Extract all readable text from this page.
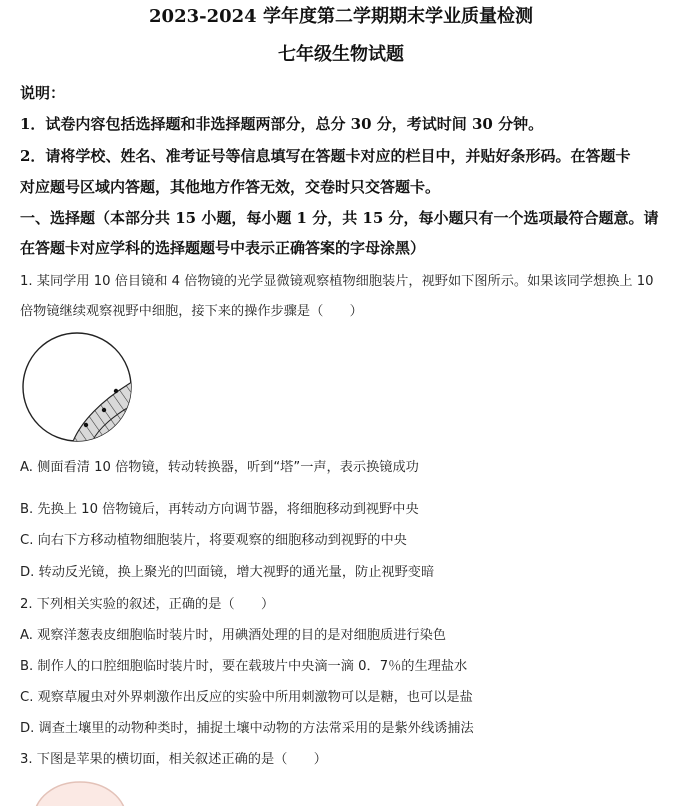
2023-2024 学年度第二学期期末学业质量检测
七年级生物试题
说明：
1．试卷内容包括选择题和非选择题两部分，总分 30 分，考试时间 30 分钟。
2．请将学校、姓名、准考证号等信息填写在答题卡对应的栏目中，并贴好条形码。在答题卡
对应题号区域内答题，其他地方作答无效，交卷时只交答题卡。
一、选择题（本部分共 15 小题，每小题 1 分，共 15 分，每小题只有一个选项最符合题意。请
在答题卡对应学科的选择题题号中表示正确答案的字母涂黑）
1. 某同学用 10 倍目镜和 4 倍物镜的光学显微镜观察植物细胞装片，视野如下图所示。如果该同学想换上 10
倍物镜继续观察视野中细胞，接下来的操作步骤是（　　）
A. 侧面看清 10 倍物镜，转动转换器，听到“塔”一声，表示换镜成功
B. 先换上 10 倍物镜后，再转动方向调节器，将细胞移动到视野中央
C. 向右下方移动植物细胞装片，将要观察的细胞移动到视野的中央
D. 转动反光镜，换上聚光的凹面镜，增大视野的通光量，防止视野变暗
2. 下列相关实验的叙述，正确的是（　　）
A. 观察洋葱表皮细胞临时装片时，用碘酒处理的目的是对细胞质进行染色
B. 制作人的口腔细胞临时装片时，要在载玻片中央滴一滴 0．7％的生理盐水
C. 观察草履虫对外界刺激作出反应的实验中所用刺激物可以是糖，也可以是盐
D. 调查土壤里的动物种类时，捕捉土壤中动物的方法常采用的是紫外线诱捕法
3. 下图是苹果的横切面，相关叙述正确的是（　　）
